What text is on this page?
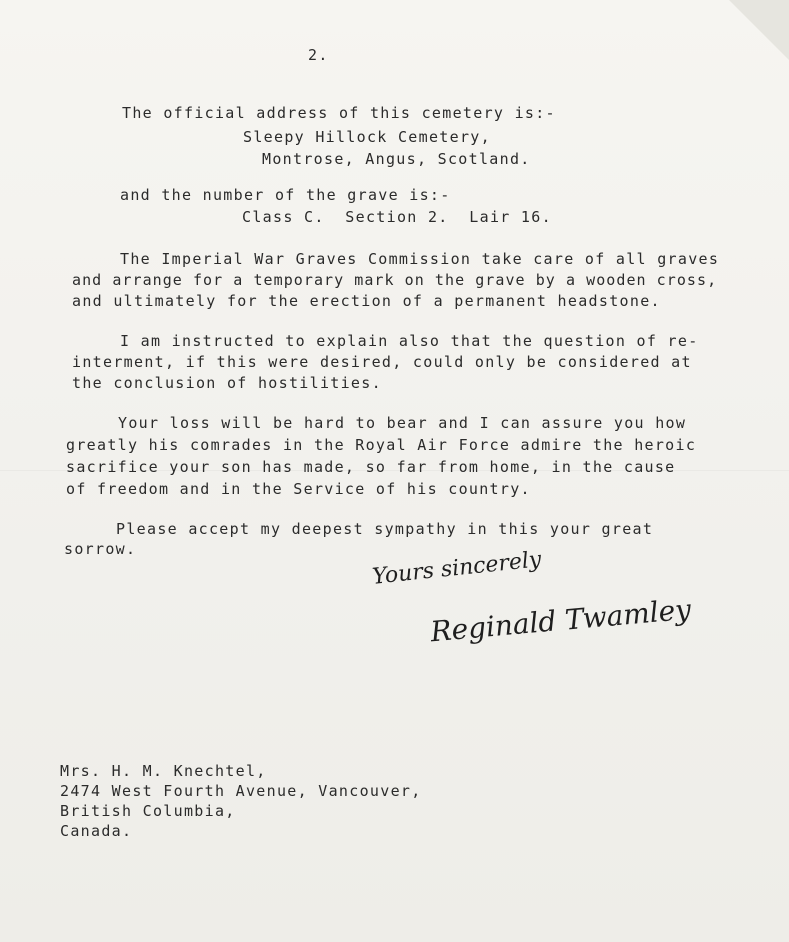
2.
The official address of this cemetery is:-
Sleepy Hillock Cemetery,
Montrose, Angus, Scotland.
and the number of the grave is:-
Class C.  Section 2.  Lair 16.
The Imperial War Graves Commission take care of all graves
and arrange for a temporary mark on the grave by a wooden cross,
and ultimately for the erection of a permanent headstone.
I am instructed to explain also that the question of re-
interment, if this were desired, could only be considered at
the conclusion of hostilities.
Your loss will be hard to bear and I can assure you how
greatly his comrades in the Royal Air Force admire the heroic
sacrifice your son has made, so far from home, in the cause
of freedom and in the Service of his country.
Please accept my deepest sympathy in this your great
sorrow.	Yours sincerely
Reginald Twamley
Mrs. H. M. Knechtel,
2474 West Fourth Avenue, Vancouver,
British Columbia,
Canada.
